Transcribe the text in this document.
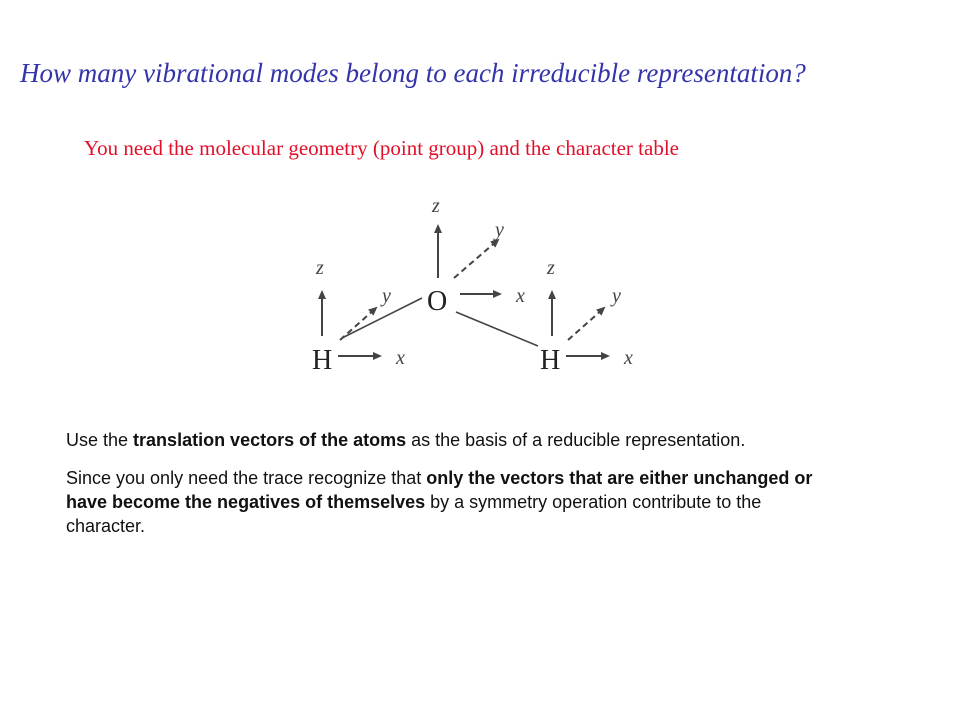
How many vibrational modes belong to each irreducible representation?
You need the molecular geometry (point group) and the character table
O
z
y
x
H
z
y
x	H
z
y
x

Use the translation vectors of the atoms as the basis of a reducible representation.

Since you only need the trace recognize that only the vectors that are either unchanged or have become the negatives of themselves by a symmetry operation contribute to the character.
